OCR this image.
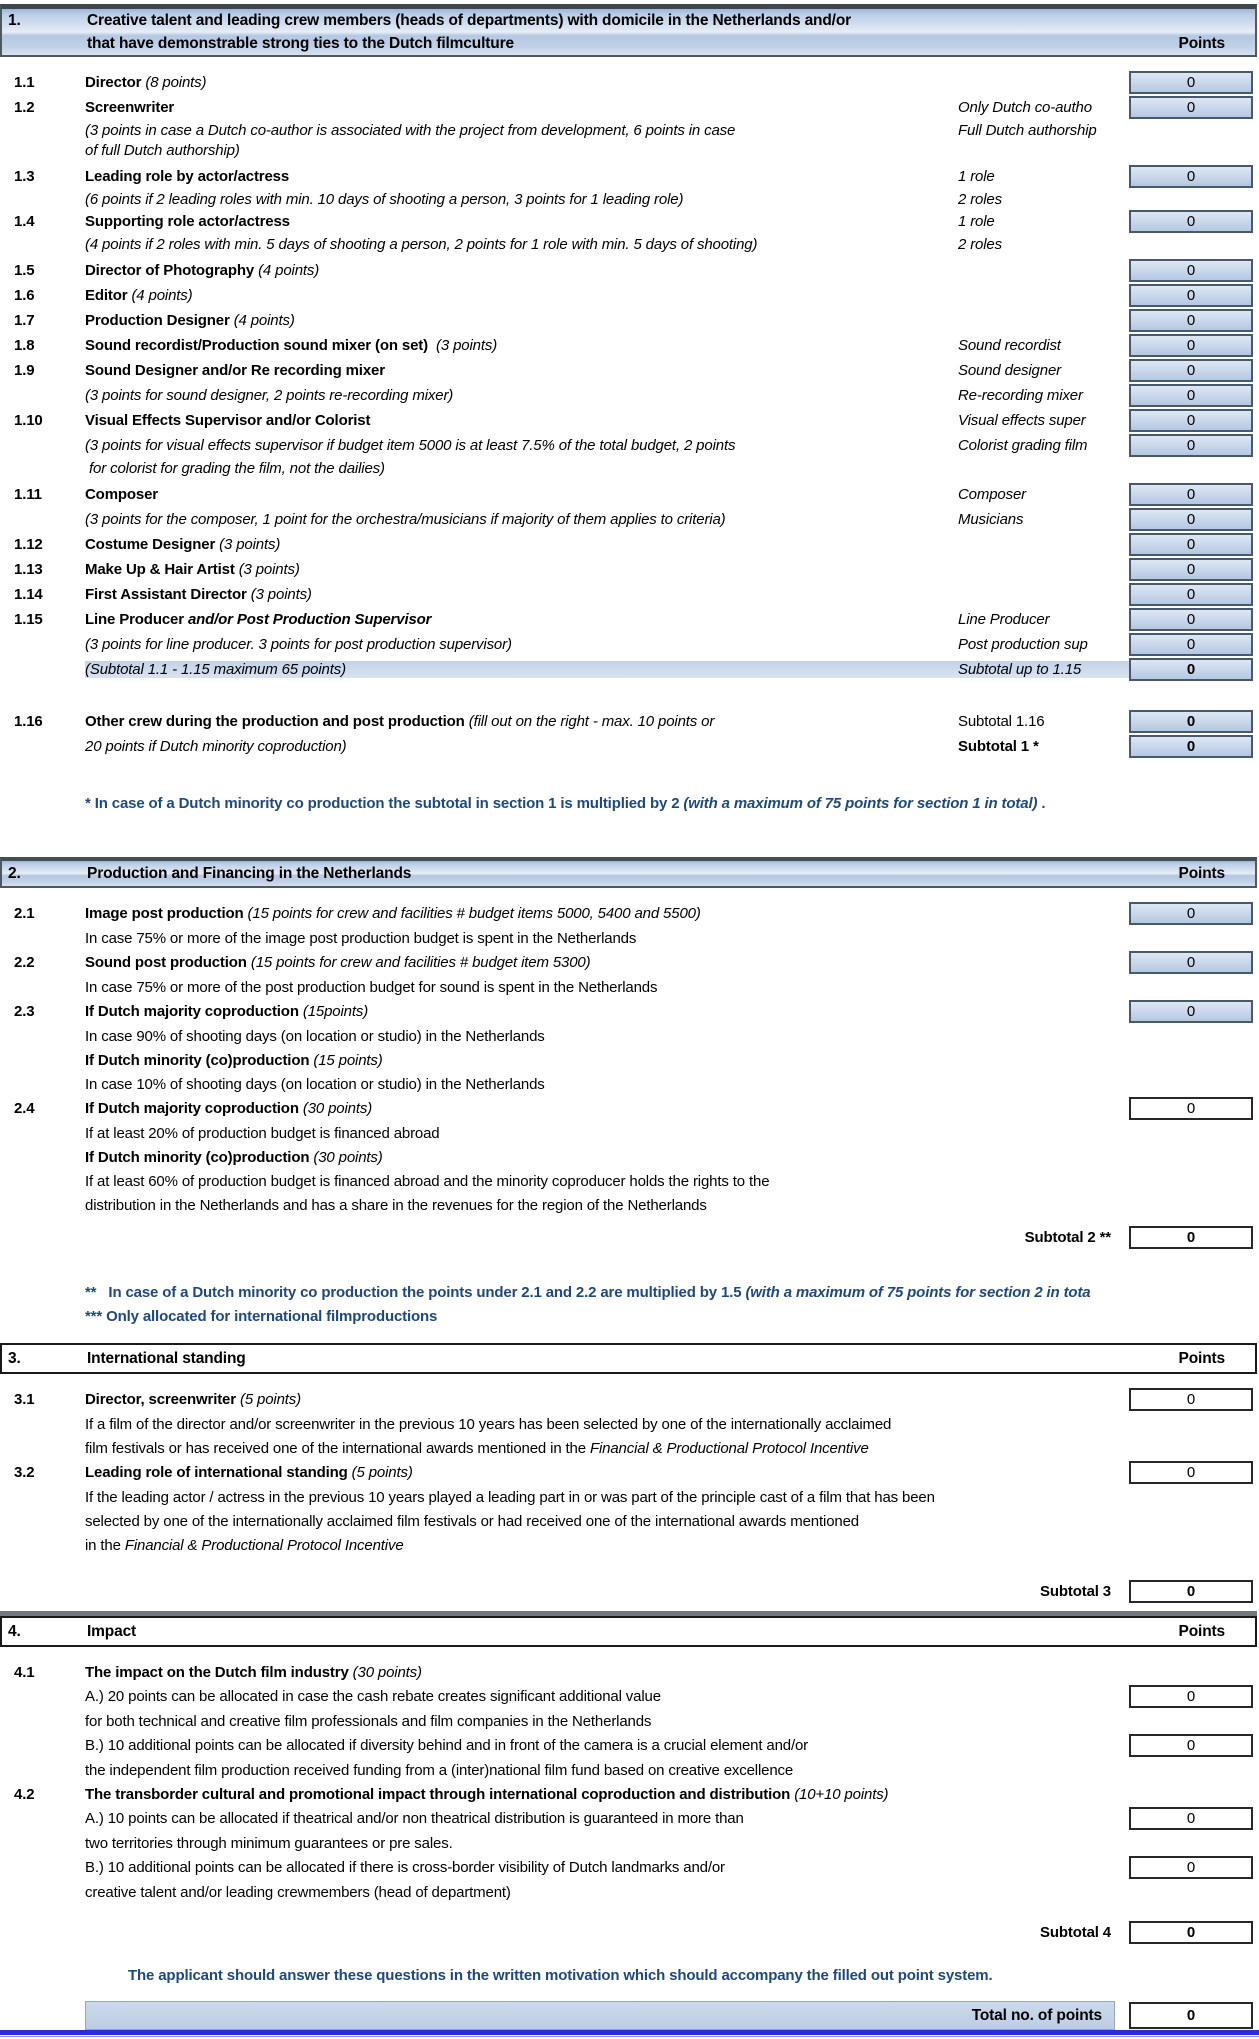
1.	Creative talent and leading crew members (heads of departments) with domicile in the Netherlands and/or
that have demonstrable strong ties to the Dutch filmculture	Points
1.1	Director (8 points)	0
1.2	Screenwriter	Only Dutch co-autho	0
(3 points in case a Dutch co-author is associated with the project from development, 6 points in case	Full Dutch authorship
of full Dutch authorship)
1.3	Leading role by actor/actress	1 role	0
(6 points if 2 leading roles with min. 10 days of shooting a person, 3 points for 1 leading role)	2 roles
1.4	Supporting role actor/actress	1 role	0
(4 points if 2 roles with min. 5 days of shooting a person, 2 points for 1 role with min. 5 days of shooting)	2 roles
1.5	Director of Photography (4 points)	0
1.6	Editor (4 points)	0
1.7	Production Designer (4 points)	0
1.8	Sound recordist/Production sound mixer (on set)  (3 points)	Sound recordist	0
1.9	Sound Designer and/or Re recording mixer	Sound designer	0
(3 points for sound designer, 2 points re-recording mixer)	Re-recording mixer	0
1.10	Visual Effects Supervisor and/or Colorist	Visual effects super	0
(3 points for visual effects supervisor if budget item 5000 is at least 7.5% of the total budget, 2 points	Colorist grading film	0
for colorist for grading the film, not the dailies)
1.11	Composer	Composer	0
(3 points for the composer, 1 point for the orchestra/musicians if majority of them applies to criteria)	Musicians	0
1.12	Costume Designer (3 points)	0
1.13	Make Up & Hair Artist (3 points)	0
1.14	First Assistant Director (3 points)	0
1.15	Line Producer and/or Post Production Supervisor	Line Producer	0
(3 points for line producer. 3 points for post production supervisor)	Post production sup	0
(Subtotal 1.1 - 1.15 maximum 65 points)	Subtotal up to 1.15	0
1.16	Other crew during the production and post production (fill out on the right - max. 10 points or	Subtotal 1.16	0
20 points if Dutch minority coproduction)	Subtotal 1 *	0
* In case of a Dutch minority co production the subtotal in section 1 is multiplied by 2 (with a maximum of 75 points for section 1 in total) .
2.	Production and Financing in the Netherlands	Points
2.1	Image post production (15 points for crew and facilities # budget items 5000, 5400 and 5500)	0
In case 75% or more of the image post production budget is spent in the Netherlands
2.2	Sound post production (15 points for crew and facilities # budget item 5300)	0
In case 75% or more of the post production budget for sound is spent in the Netherlands
2.3	If Dutch majority coproduction (15points)	0
In case 90% of shooting days (on location or studio) in the Netherlands
If Dutch minority (co)production (15 points)
In case 10% of shooting days (on location or studio) in the Netherlands
2.4	If Dutch majority coproduction (30 points)	0
If at least 20% of production budget is financed abroad
If Dutch minority (co)production (30 points)
If at least 60% of production budget is financed abroad and the minority coproducer holds the rights to the
distribution in the Netherlands and has a share in the revenues for the region of the Netherlands
Subtotal 2 **	0
**   In case of a Dutch minority co production the points under 2.1 and 2.2 are multiplied by 1.5 (with a maximum of 75 points for section 2 in tota
*** Only allocated for international filmproductions
3.	International standing	Points
3.1	Director, screenwriter (5 points)	0
If a film of the director and/or screenwriter in the previous 10 years has been selected by one of the internationally acclaimed
film festivals or has received one of the international awards mentioned in the Financial & Productional Protocol Incentive
3.2	Leading role of international standing (5 points)	0
If the leading actor / actress in the previous 10 years played a leading part in or was part of the principle cast of a film that has been
selected by one of the internationally acclaimed film festivals or had received one of the international awards mentioned
in the Financial & Productional Protocol Incentive
Subtotal 3	0
4.	Impact	Points
4.1	The impact on the Dutch film industry (30 points)
A.) 20 points can be allocated in case the cash rebate creates significant additional value	0
for both technical and creative film professionals and film companies in the Netherlands
B.) 10 additional points can be allocated if diversity behind and in front of the camera is a crucial element and/or	0
the independent film production received funding from a (inter)national film fund based on creative excellence
4.2	The transborder cultural and promotional impact through international coproduction and distribution (10+10 points)
A.) 10 points can be allocated if theatrical and/or non theatrical distribution is guaranteed in more than	0
two territories through minimum guarantees or pre sales.
B.) 10 additional points can be allocated if there is cross-border visibility of Dutch landmarks and/or	0
creative talent and/or leading crewmembers (head of department)
Subtotal 4	0
The applicant should answer these questions in the written motivation which should accompany the filled out point system.
Total no. of points	0
